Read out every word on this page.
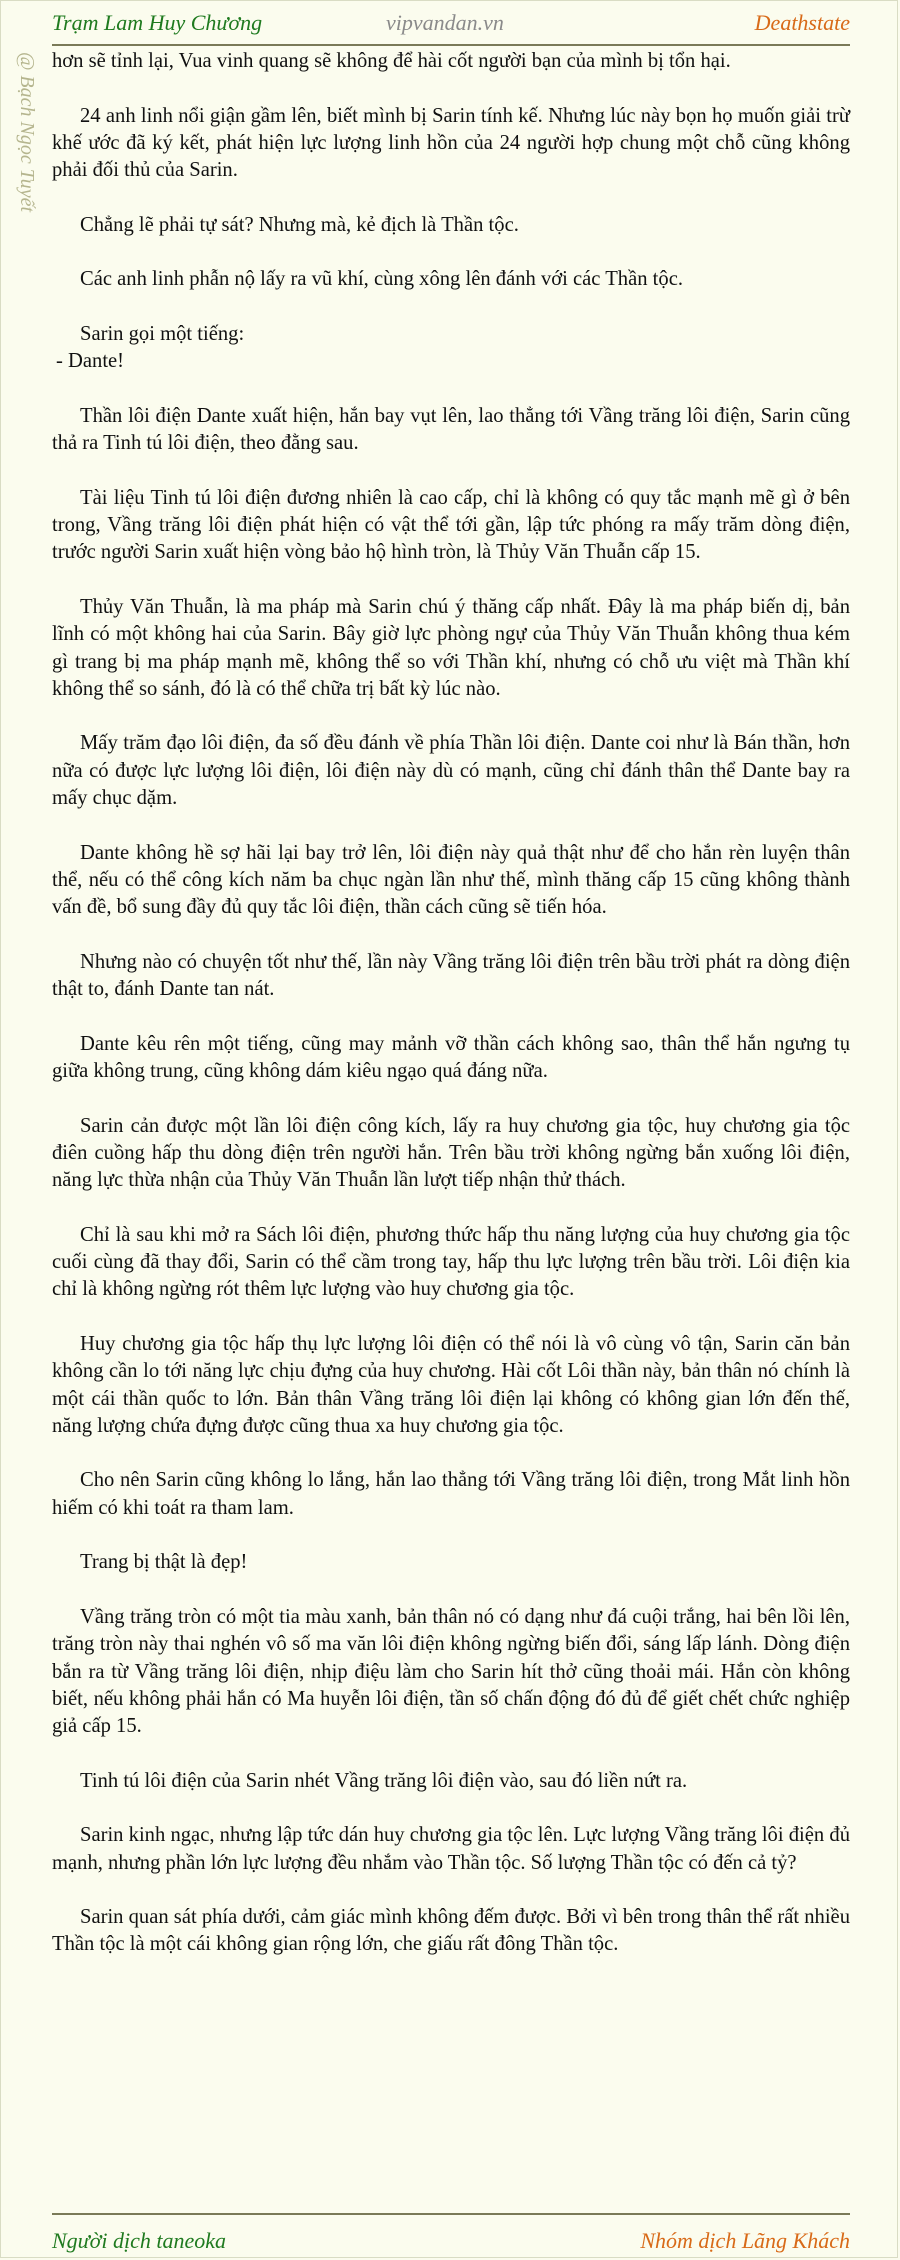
Trạm Lam Huy Chương	vipvandan.vn	Deathstate
@ Bạch Ngọc Tuyết hơn sẽ tỉnh lại, Vua vinh quang sẽ không để hài cốt người bạn của mình bị tổn hại.

24 anh linh nổi giận gầm lên, biết mình bị Sarin tính kế. Nhưng lúc này bọn họ muốn giải trừ khế ước đã ký kết, phát hiện lực lượng linh hồn của 24 người hợp chung một chỗ cũng không phải đối thủ của Sarin.

Chẳng lẽ phải tự sát? Nhưng mà, kẻ địch là Thần tộc.

Các anh linh phẫn nộ lấy ra vũ khí, cùng xông lên đánh với các Thần tộc.

Sarin gọi một tiếng:

- Dante!

Thần lôi điện Dante xuất hiện, hắn bay vụt lên, lao thẳng tới Vầng trăng lôi điện, Sarin cũng thả ra Tinh tú lôi điện, theo đằng sau.

Tài liệu Tinh tú lôi điện đương nhiên là cao cấp, chỉ là không có quy tắc mạnh mẽ gì ở bên trong, Vầng trăng lôi điện phát hiện có vật thể tới gần, lập tức phóng ra mấy trăm dòng điện, trước người Sarin xuất hiện vòng bảo hộ hình tròn, là Thủy Văn Thuẫn cấp 15.

Thủy Văn Thuẫn, là ma pháp mà Sarin chú ý thăng cấp nhất. Đây là ma pháp biến dị, bản lĩnh có một không hai của Sarin. Bây giờ lực phòng ngự của Thủy Văn Thuẫn không thua kém gì trang bị ma pháp mạnh mẽ, không thể so với Thần khí, nhưng có chỗ ưu việt mà Thần khí không thể so sánh, đó là có thể chữa trị bất kỳ lúc nào.

Mấy trăm đạo lôi điện, đa số đều đánh về phía Thần lôi điện. Dante coi như là Bán thần, hơn nữa có được lực lượng lôi điện, lôi điện này dù có mạnh, cũng chỉ đánh thân thể Dante bay ra mấy chục dặm.

Dante không hề sợ hãi lại bay trở lên, lôi điện này quả thật như để cho hắn rèn luyện thân thể, nếu có thể công kích năm ba chục ngàn lần như thế, mình thăng cấp 15 cũng không thành vấn đề, bổ sung đầy đủ quy tắc lôi điện, thần cách cũng sẽ tiến hóa.

Nhưng nào có chuyện tốt như thế, lần này Vầng trăng lôi điện trên bầu trời phát ra dòng điện thật to, đánh Dante tan nát.

Dante kêu rên một tiếng, cũng may mảnh vỡ thần cách không sao, thân thể hắn ngưng tụ giữa không trung, cũng không dám kiêu ngạo quá đáng nữa.

Sarin cản được một lần lôi điện công kích, lấy ra huy chương gia tộc, huy chương gia tộc điên cuồng hấp thu dòng điện trên người hắn. Trên bầu trời không ngừng bắn xuống lôi điện, năng lực thừa nhận của Thủy Văn Thuẫn lần lượt tiếp nhận thử thách.

Chỉ là sau khi mở ra Sách lôi điện, phương thức hấp thu năng lượng của huy chương gia tộc cuối cùng đã thay đổi, Sarin có thể cầm trong tay, hấp thu lực lượng trên bầu trời. Lôi điện kia chỉ là không ngừng rót thêm lực lượng vào huy chương gia tộc.

Huy chương gia tộc hấp thụ lực lượng lôi điện có thể nói là vô cùng vô tận, Sarin căn bản không cần lo tới năng lực chịu đựng của huy chương. Hài cốt Lôi thần này, bản thân nó chính là một cái thần quốc to lớn. Bản thân Vầng trăng lôi điện lại không có không gian lớn đến thế, năng lượng chứa đựng được cũng thua xa huy chương gia tộc.

Cho nên Sarin cũng không lo lắng, hắn lao thẳng tới Vầng trăng lôi điện, trong Mắt linh hồn hiếm có khi toát ra tham lam.

Trang bị thật là đẹp!

Vầng trăng tròn có một tia màu xanh, bản thân nó có dạng như đá cuội trắng, hai bên lồi lên, trăng tròn này thai nghén vô số ma văn lôi điện không ngừng biến đổi, sáng lấp lánh. Dòng điện bắn ra từ Vầng trăng lôi điện, nhịp điệu làm cho Sarin hít thở cũng thoải mái. Hắn còn không biết, nếu không phải hắn có Ma huyễn lôi điện, tần số chấn động đó đủ để giết chết chức nghiệp giả cấp 15.

Tinh tú lôi điện của Sarin nhét Vầng trăng lôi điện vào, sau đó liền nứt ra.

Sarin kinh ngạc, nhưng lập tức dán huy chương gia tộc lên. Lực lượng Vầng trăng lôi điện đủ mạnh, nhưng phần lớn lực lượng đều nhắm vào Thần tộc. Số lượng Thần tộc có đến cả tỷ?

Sarin quan sát phía dưới, cảm giác mình không đếm được. Bởi vì bên trong thân thể rất nhiều Thần tộc là một cái không gian rộng lớn, che giấu rất đông Thần tộc.

Người dịch taneoka	Nhóm dịch Lãng Khách
